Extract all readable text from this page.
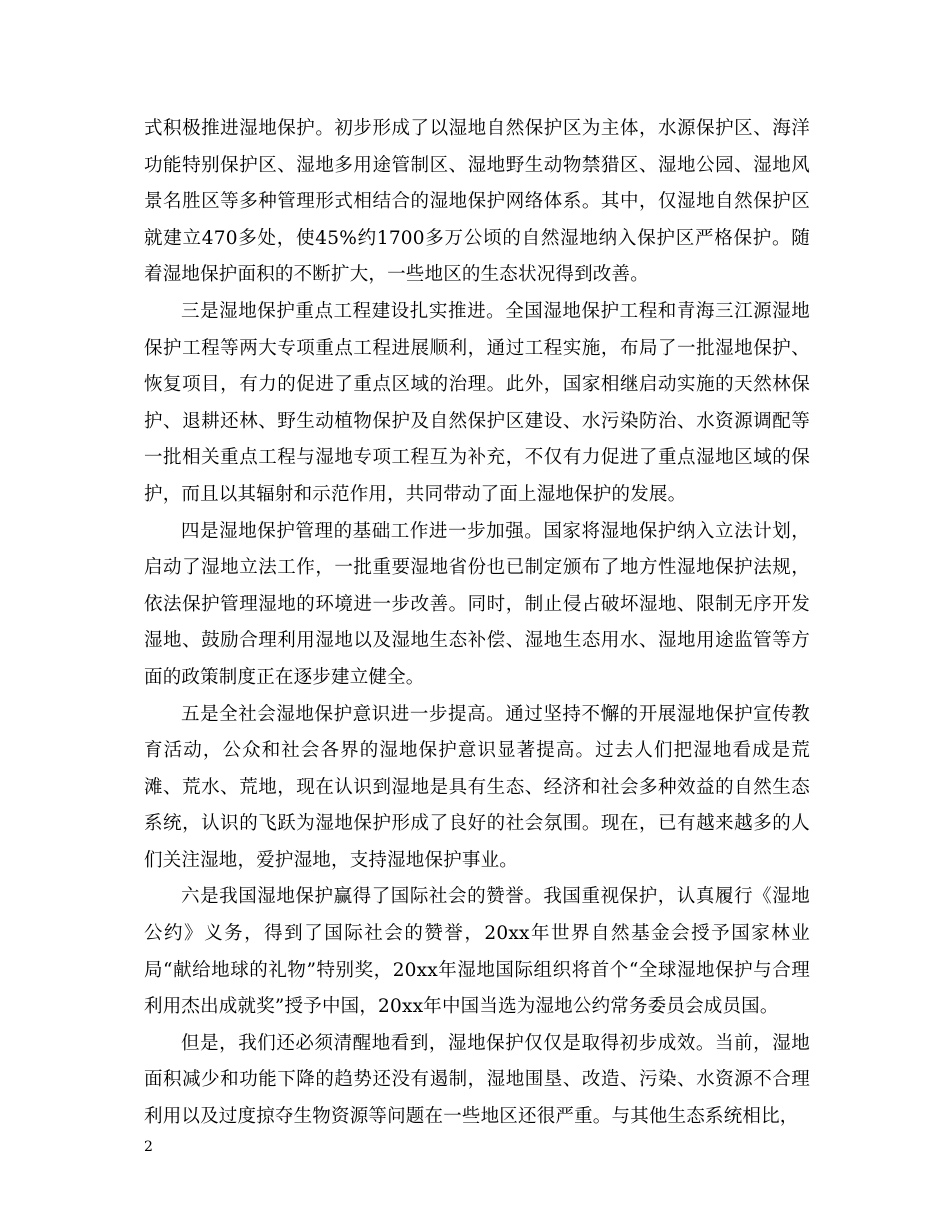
式积极推进湿地保护。初步形成了以湿地自然保护区为主体，水源保护区、海洋功能特别保护区、湿地多用途管制区、湿地野生动物禁猎区、湿地公园、湿地风景名胜区等多种管理形式相结合的湿地保护网络体系。其中，仅湿地自然保护区就建立470多处，使45%约1700多万公顷的自然湿地纳入保护区严格保护。随着湿地保护面积的不断扩大，一些地区的生态状况得到改善。

三是湿地保护重点工程建设扎实推进。全国湿地保护工程和青海三江源湿地保护工程等两大专项重点工程进展顺利，通过工程实施，布局了一批湿地保护、恢复项目，有力的促进了重点区域的治理。此外，国家相继启动实施的天然林保护、退耕还林、野生动植物保护及自然保护区建设、水污染防治、水资源调配等一批相关重点工程与湿地专项工程互为补充，不仅有力促进了重点湿地区域的保护，而且以其辐射和示范作用，共同带动了面上湿地保护的发展。

四是湿地保护管理的基础工作进一步加强。国家将湿地保护纳入立法计划，启动了湿地立法工作，一批重要湿地省份也已制定颁布了地方性湿地保护法规，依法保护管理湿地的环境进一步改善。同时，制止侵占破坏湿地、限制无序开发湿地、鼓励合理利用湿地以及湿地生态补偿、湿地生态用水、湿地用途监管等方面的政策制度正在逐步建立健全。

五是全社会湿地保护意识进一步提高。通过坚持不懈的开展湿地保护宣传教育活动，公众和社会各界的湿地保护意识显著提高。过去人们把湿地看成是荒滩、荒水、荒地，现在认识到湿地是具有生态、经济和社会多种效益的自然生态系统，认识的飞跃为湿地保护形成了良好的社会氛围。现在，已有越来越多的人们关注湿地，爱护湿地，支持湿地保护事业。

六是我国湿地保护赢得了国际社会的赞誉。我国重视保护，认真履行《湿地公约》义务，得到了国际社会的赞誉，20xx年世界自然基金会授予国家林业局“献给地球的礼物”特别奖，20xx年湿地国际组织将首个“全球湿地保护与合理利用杰出成就奖”授予中国，20xx年中国当选为湿地公约常务委员会成员国。

但是，我们还必须清醒地看到，湿地保护仅仅是取得初步成效。当前，湿地面积减少和功能下降的趋势还没有遏制，湿地围垦、改造、污染、水资源不合理利用以及过度掠夺生物资源等问题在一些地区还很严重。与其他生态系统相比，

2
